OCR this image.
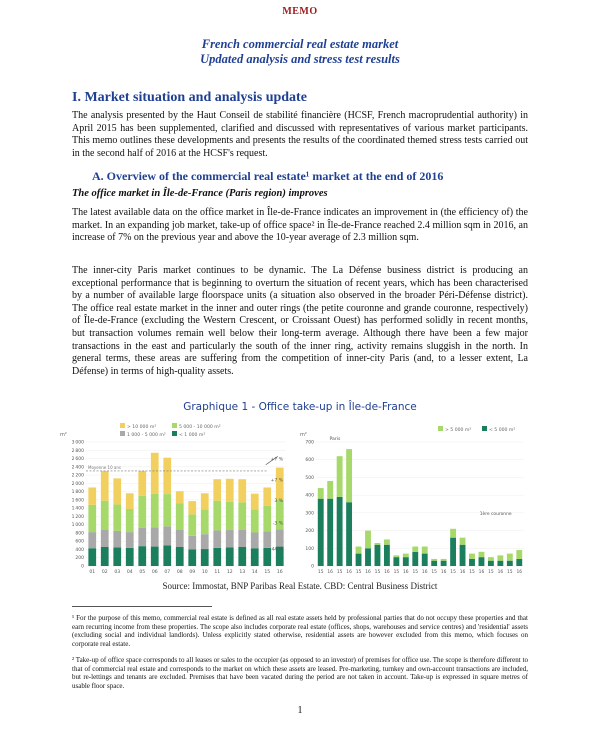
MEMO
French commercial real estate market
Updated analysis and stress test results
I. Market situation and analysis update
The analysis presented by the Haut Conseil de stabilité financière (HCSF, French macroprudential authority) in April 2015 has been supplemented, clarified and discussed with representatives of various market participants. This memo outlines these developments and presents the results of the coordinated themed stress tests carried out in the second half of 2016 at the HCSF's request.
A. Overview of the commercial real estate¹ market at the end of 2016
The office market in Île-de-France (Paris region) improves
The latest available data on the office market in Île-de-France indicates an improvement in (the efficiency of) the market. In an expanding job market, take-up of office space² in Île-de-France reached 2.4 million sqm in 2016, an increase of 7% on the previous year and above the 10-year average of 2.3 million sqm.
The inner-city Paris market continues to be dynamic. The La Défense business district is producing an exceptional performance that is beginning to overturn the situation of recent years, which has been characterised by a number of available large floorspace units (a situation also observed in the broader Péri-Défense district). The office real estate market in the inner and outer rings (the petite couronne and grande couronne, respectively) of Île-de-France (excluding the Western Crescent, or Croissant Ouest) has performed solidly in recent months, but transaction volumes remain well below their long-term average. Although there have been a few major transactions in the east and particularly the south of the inner ring, activity remains sluggish in the north. In general terms, these areas are suffering from the competition of inner-city Paris (and, to a lesser extent, La Défense) in terms of high-quality assets.
Graphique 1 - Office take-up in Île-de-France
> 10 000 m²	5 000 - 10 000 m²
1 000 - 5 000 m²	< 1 000 m²
m²
0
200
400
600
800
1 000
1 200
1 400
1 600
1 800
2 000
2 200
2 400
2 600
2 800
3 000
01 02 03 04 05 06 07 08 09 10 11 12 13 14 15 16
Moyenne 10 ans
+7 %
+7 %
3 %
-3 %
44 %
> 5 000 m²	< 5 000 m²
m²
0
100
200
300
400
500
600
700
15 16 15 16 15 16 15 16 15 16 15 16 15 16 15 16 15 16 15 16 15 16
Paris
1ère couronne
Source: Immostat, BNP Paribas Real Estate. CBD: Central Business District
¹ For the purpose of this memo, commercial real estate is defined as all real estate assets held by professional parties that do not occupy these properties and that earn recurring income from these properties. The scope also includes corporate real estate (offices, shops, warehouses and service centres) and 'residential' assets (excluding social and individual landlords). Unless explicitly stated otherwise, residential assets are however excluded from this memo, which focuses on corporate real estate.
² Take-up of office space corresponds to all leases or sales to the occupier (as opposed to an investor) of premises for office use. The scope is therefore different to that of commercial real estate and corresponds to the market on which these assets are leased. Pre-marketing, turnkey and own-account transactions are included, but re-lettings and tenants are excluded. Premises that have been vacated during the period are not taken in account. Take-up is expressed in square metres of usable floor space.
1
